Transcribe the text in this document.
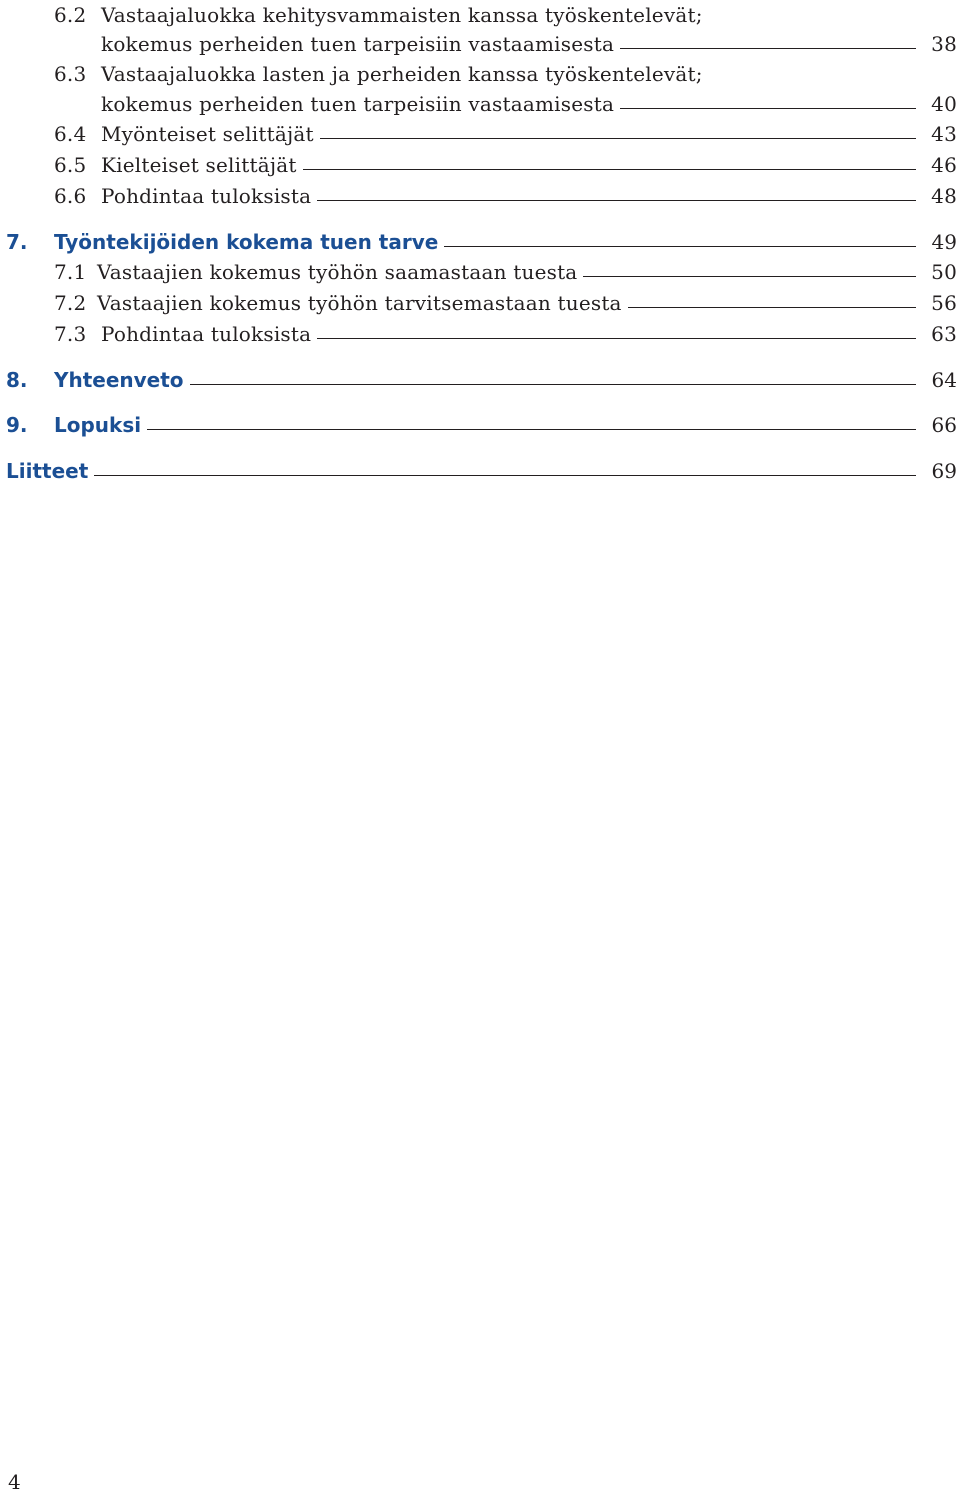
6.2 Vastaajaluokka kehitysvammaisten kanssa työskentelevät;
kokemus perheiden tuen tarpeisiin vastaamisesta	38
6.3 Vastaajaluokka lasten ja perheiden kanssa työskentelevät;
kokemus perheiden tuen tarpeisiin vastaamisesta	40
6.4 Myönteiset selittäjät	43
6.5 Kielteiset selittäjät	46
6.6 Pohdintaa tuloksista	48
7. Työntekijöiden kokema tuen tarve	49
7.1 Vastaajien kokemus työhön saamastaan tuesta	50
7.2 Vastaajien kokemus työhön tarvitsemastaan tuesta	56
7.3 Pohdintaa tuloksista	63
8. Yhteenveto	64
9. Lopuksi	66
Liitteet	69
4
